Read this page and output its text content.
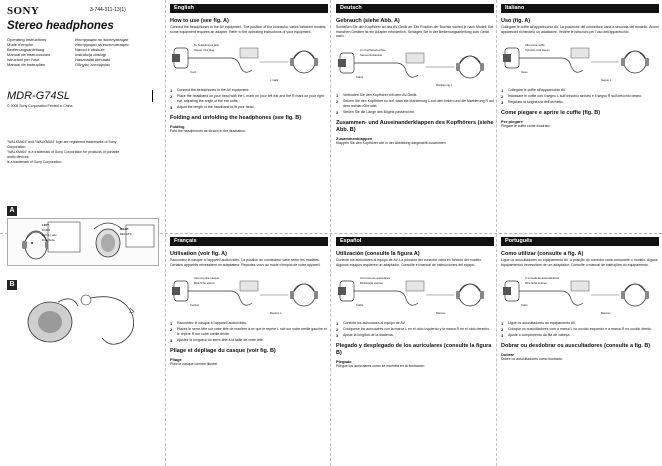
SONY	3-744-311-13(1)
Stereo headphones
Operating Instructions
Mode d'emploi
Bedienungsanleitung
Manual de instrucciones
Istruzioni per l'uso
Manual de instruções
Инструкция по эксплуатации
Инструкции за експлоатация
Návod k obsluze
Instrukcja obsługi
Használati útmutató
Οδηγίες λειτουργίας
MDR-G74SL
© 2005 Sony Corporation Printed in China
"WALKMAN" and "WALKMAN" logo are registered trademarks of Sony
Corporation.
"WALKMAN" is a trademark of Sony Corporation for products of portable
audio devices.
is a trademark of Sony Corporation.
A
LEFT
LINKS
Left (L) side
linke Seite
RIGHT
RECHTS
B
English
How to use (see fig. A)
Connect the headphones to the AV equipment. The position of the connector varies between models; some equipment requires an adapter. Refer to the operating instructions of your equipment.
To headphones jack
Stereo mini plug
Cord
L mark
1	Connect the headphones to the AV equipment.
2	Place the headband on your head with the L mark on your left ear and the R mark on your right ear, adjusting the angle of the ear units.
3	Adjust the length of the headband to fit your head.
Folding and unfolding the headphones (see fig. B)
Folding
Fold the headphones as shown in the illustration.
Deutsch
Gebrauch (siehe Abb. A)
Schließen Sie den Kopfhörer an das AV-Gerät an. Die Position der Buchse variiert je nach Modell. Bei manchen Geräten ist ein Adapter erforderlich. Schlagen Sie in der Bedienungsanleitung zum Gerät nach.
An Kopfhörerbuchse
Stereoministecker
Kabel
Markierung L
1	Verbinden Sie den Kopfhörer mit dem AV-Gerät.
2	Setzen Sie den Kopfhörer so auf, dass die Markierung L auf dem linken und die Markierung R auf dem rechten Ohr sitzt.
3	Stellen Sie die Länge des Bügels passend ein.
Zusammen- und Auseinanderklappen des Kopfhörers (siehe Abb. B)
Zusammenklappen
Klappen Sie den Kopfhörer wie in der Abbildung dargestellt zusammen.
Italiano
Uso (fig. A)
Collegare le cuffie all'apparecchio AV. La posizione del connettore varia a seconda del modello. Alcuni apparecchi richiedono un adattatore. Vedere le istruzioni per l'uso dell'apparecchio.
Alla presa cuffie
Spinotto mini stereo
Cavo
Segno L
1	Collegare le cuffie all'apparecchio AV.
2	Indossare le cuffie con il segno L sull'orecchio sinistro e il segno R sull'orecchio destro.
3	Regolare la lunghezza dell'archetto.
Come piegare e aprire le cuffie (fig. B)
Per piegare
Piegare le cuffie come illustrato.
Français
Utilisation (voir fig. A)
Raccordez le casque à l'appareil audio/vidéo. La position du connecteur varie selon les modèles. Certains appareils nécessitent un adaptateur. Reportez-vous au mode d'emploi de votre appareil.
Vers la prise casque
Mini-fiche stéréo
Cordon
Repère L
1	Raccordez le casque à l'appareil audio/vidéo.
2	Placez le serre-tête sur votre tête de manière à ce que le repère L soit sur votre oreille gauche et le repère R sur votre oreille droite.
3	Ajustez la longueur du serre-tête à la taille de votre tête.
Pliage et dépliage du casque (voir fig. B)
Pliage
Pliez le casque comme illustré.
Español
Utilización (consulte la figura A)
Conecte los auriculares al equipo de AV. La posición del conector varía en función del modelo. Algunos equipos requieren un adaptador. Consulte el manual de instrucciones del equipo.
A la toma de auriculares
Miniclavija estéreo
Cable
Marca L
1	Conecte los auriculares al equipo de AV.
2	Colóquese los auriculares con la marca L en el oído izquierdo y la marca R en el oído derecho.
3	Ajuste la longitud de la diadema.
Plegado y desplegado de los auriculares (consulte la figura B)
Plegado
Pliegue los auriculares como se muestra en la ilustración.
Português
Como utilizar (consulte a fig. A)
Ligue os auscultadores ao equipamento AV. A posição do conector varia consoante o modelo. Alguns equipamentos necessitam de um adaptador. Consulte o manual de instruções do equipamento.
À tomada de auscultadores
Mini-ficha estéreo
Cabo
Marca L
1	Ligue os auscultadores ao equipamento AV.
2	Coloque os auscultadores com a marca L no ouvido esquerdo e a marca R no ouvido direito.
3	Ajuste o comprimento da fita de cabeça.
Dobrar ou desdobrar os auscultadores (consulte a fig. B)
Dobrar
Dobre os auscultadores como ilustrado.
